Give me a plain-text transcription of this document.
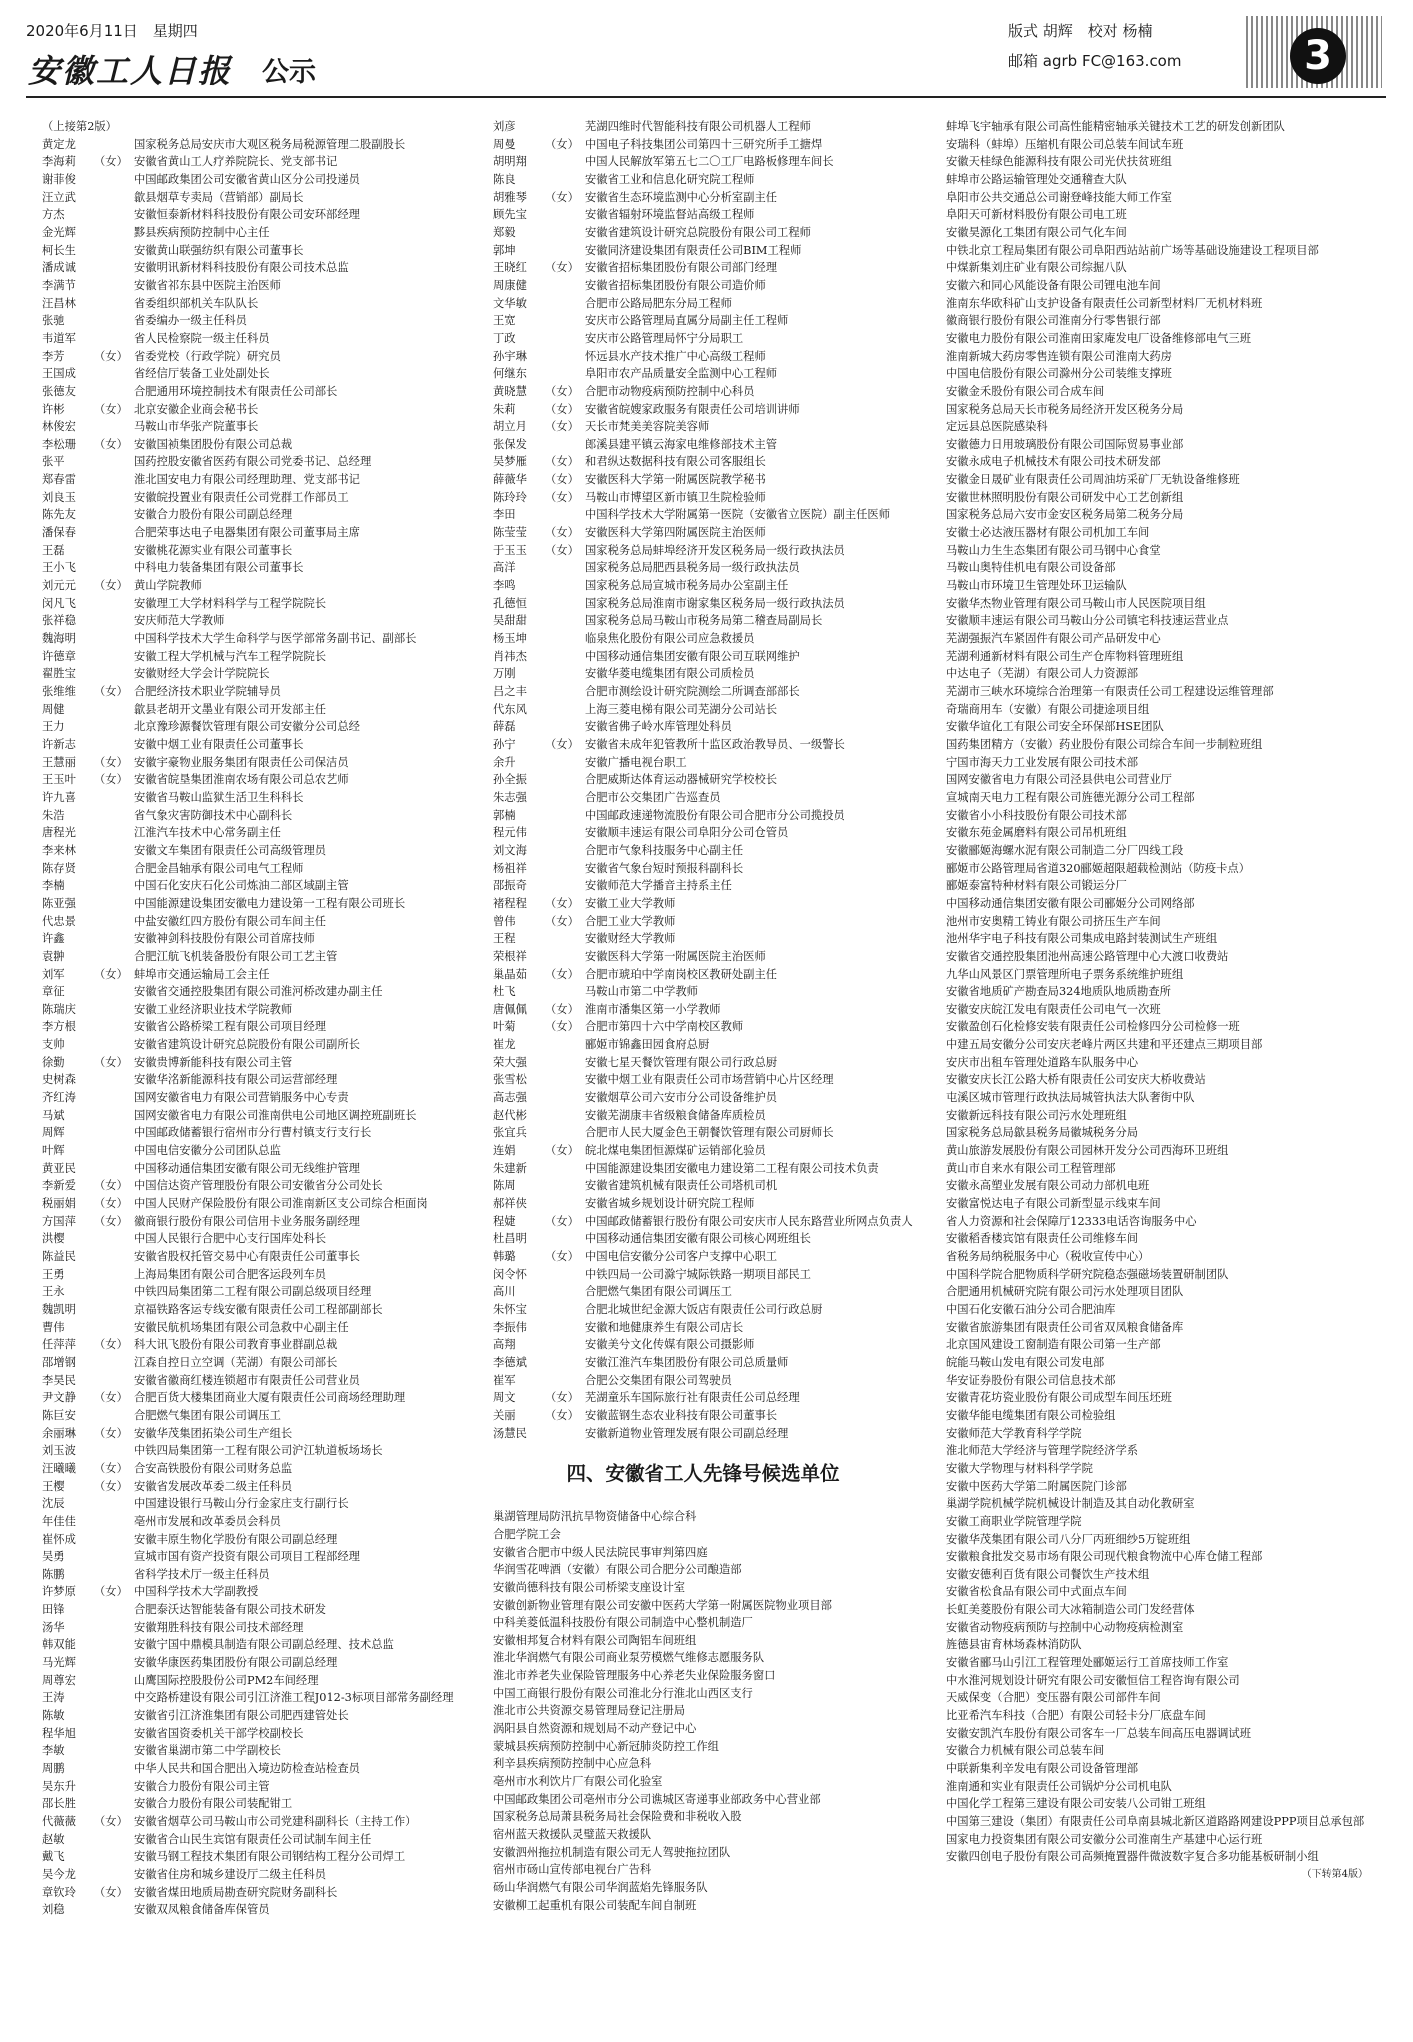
2020年6月11日　星期四
安徽工人日报 公示
版式 胡辉　校对 杨楠
邮箱 agrb FC@163.com	3
（上接第2版）
黄定龙	国家税务总局安庆市大观区税务局税源管理二股副股长
李海莉	（女） 安徽省黄山工人疗养院院长、党支部书记
谢菲俊	中国邮政集团公司安徽省黄山区分公司投递员
汪立武	歙县烟草专卖局（营销部）副局长
方杰	安徽恒泰新材料科技股份有限公司安环部经理
金光辉	黟县疾病预防控制中心主任
柯长生	安徽黄山联强纺织有限公司董事长
潘成诚	安徽明讯新材料科技股份有限公司技术总监
李满节	安徽省祁东县中医院主治医师
汪昌林	省委组织部机关车队队长
张驰	省委编办一级主任科员
韦道军	省人民检察院一级主任科员
李芳	（女） 省委党校（行政学院）研究员
王国成	省经信厅装备工业处副处长
张德友	合肥通用环境控制技术有限责任公司部长
许彬	（女） 北京安徽企业商会秘书长
林俊宏	马鞍山市华张产院董事长
李松珊	（女） 安徽国祯集团股份有限公司总裁
张平	国药控股安徽省医药有限公司党委书记、总经理
郑春雷	淮北国安电力有限公司经理助理、党支部书记
刘良玉	安徽皖投置业有限责任公司党群工作部员工
陈先友	安徽合力股份有限公司副总经理
潘保春	合肥荣事达电子电器集团有限公司董事局主席
王磊	安徽桃花源实业有限公司董事长
王小飞	中科电力装备集团有限公司董事长
刘元元	（女） 黄山学院教师
闵凡飞	安徽理工大学材料科学与工程学院院长
张祥稳	安庆师范大学教师
魏海明	中国科学技术大学生命科学与医学部常务副书记、副部长
许德章	安徽工程大学机械与汽车工程学院院长
翟胜宝	安徽财经大学会计学院院长
张维维	（女） 合肥经济技术职业学院辅导员
周健	歙县老胡开文墨业有限公司开发部主任
王力	北京豫珍源餐饮管理有限公司安徽分公司总经
许新志	安徽中烟工业有限责任公司董事长
王慧丽	（女） 安徽宇豪物业服务集团有限责任公司保洁员
王玉叶	（女） 安徽省皖垦集团淮南农场有限公司总农艺师
许九喜	安徽省马鞍山监狱生活卫生科科长
朱浩	省气象灾害防御技术中心副科长
唐程光	江淮汽车技术中心常务副主任
李来林	安徽文车集团有限责任公司高级管理员
陈存贤	合肥金昌轴承有限公司电气工程师
李楠	中国石化安庆石化公司炼油二部区域副主管
陈亚强	中国能源建设集团安徽电力建设第一工程有限公司班长
代忠景	中盐安徽红四方股份有限公司车间主任
许鑫	安徽神剑科技股份有限公司首席技师
袁翀	合肥江航飞机装备股份有限公司工艺主管
刘军	（女） 蚌埠市交通运输局工会主任
章征	安徽省交通控股集团有限公司淮河桥改建办副主任
陈瑞庆	安徽工业经济职业技术学院教师
李方根	安徽省公路桥梁工程有限公司项目经理
支帅	安徽省建筑设计研究总院股份有限公司副所长
徐勤	（女） 安徽贵博新能科技有限公司主管
史树森	安徽华洺新能源科技有限公司运营部经理
齐红涛	国网安徽省电力有限公司营销服务中心专责
马斌	国网安徽省电力有限公司淮南供电公司地区调控班副班长
周辉	中国邮政储蓄银行宿州市分行曹村镇支行支行长
叶辉	中国电信安徽分公司团队总监
黄亚民	中国移动通信集团安徽有限公司无线维护管理
李新爱	（女） 中国信达资产管理股份有限公司安徽省分公司处长
税丽娟	（女） 中国人民财产保险股份有限公司淮南新区支公司综合柜面岗
方国萍	（女） 徽商银行股份有限公司信用卡业务服务副经理
洪樱	中国人民银行合肥中心支行国库处科长
陈益民	安徽省股权托管交易中心有限责任公司董事长
王勇	上海局集团有限公司合肥客运段列车员
王永	中铁四局集团第二工程有限公司副总级项目经理
魏凯明	京福铁路客运专线安徽有限责任公司工程部副部长
曹伟	安徽民航机场集团有限公司急救中心副主任
任萍萍	（女） 科大讯飞股份有限公司教育事业群副总裁
邵增钢	江森自控日立空调（芜湖）有限公司部长
李昊民	安徽省徽商红楼连锁超市有限责任公司营业员
尹文静	（女） 合肥百货大楼集团商业大厦有限责任公司商场经理助理
陈巨安	合肥燃气集团有限公司调压工
余丽琳	（女） 安徽华茂集团拓染公司生产组长
刘玉波	中铁四局集团第一工程有限公司沪江轨道板场场长
汪曦曦	（女） 合安高铁股份有限公司财务总监
王樱	（女） 安徽省发展改革委二级主任科员
沈辰	中国建设银行马鞍山分行金家庄支行副行长
年佳佳	亳州市发展和改革委员会科员
崔怀成	安徽丰原生物化学股份有限公司副总经理
吴勇	宣城市国有资产投资有限公司项目工程部经理
陈鹏	省科学技术厅一级主任科员
许梦原	（女） 中国科学技术大学副教授
田锋	合肥泰沃达智能装备有限公司技术研发
汤华	安徽翔胜科技有限公司技术部经理
韩双能	安徽宁国中鼎模具制造有限公司副总经理、技术总监
马光辉	安徽华康医药集团股份有限公司副总经理
周尊宏	山鹰国际控股股份公司PM2车间经理
王涛	中交路桥建设有限公司引江济淮工程J012-3标项目部常务副经理
陈敏	安徽省引江济淮集团有限公司肥西建管处长
程华旭	安徽省国资委机关干部学校副校长
李敏	安徽省巢湖市第二中学副校长
周鹏	中华人民共和国合肥出入境边防检查站检查员
吴东升	安徽合力股份有限公司主管
邵长胜	安徽合力股份有限公司装配钳工
代薇薇	（女） 安徽省烟草公司马鞍山市公司党建科副科长（主持工作）
赵敏	安徽省合山民生宾馆有限责任公司试制车间主任
戴飞	安徽马钢工程技术集团有限公司钢结构工程分公司焊工
吴今龙	安徽省住房和城乡建设厅二级主任科员
章钦玲	（女） 安徽省煤田地质局勘查研究院财务副科长
刘稳	安徽双凤粮食储备库保管员
刘彦	芜湖四维时代智能科技有限公司机器人工程师
周曼	（女） 中国电子科技集团公司第四十三研究所手工搪焊
胡明翔	中国人民解放军第五七二〇工厂电路板修理车间长
陈良	安徽省工业和信息化研究院工程师
胡雅琴	（女） 安徽省生态环境监测中心分析室副主任
顾先宝	安徽省辐射环境监督站高级工程师
郑毅	安徽省建筑设计研究总院股份有限公司工程师
郭坤	安徽同济建设集团有限责任公司BIM工程师
王晓红	（女） 安徽省招标集团股份有限公司部门经理
周康健	安徽省招标集团股份有限公司造价师
文华敏	合肥市公路局肥东分局工程师
王宽	安庆市公路管理局直属分局副主任工程师
丁政	安庆市公路管理局怀宁分局职工
孙宇琳	怀远县水产技术推广中心高级工程师
何继东	阜阳市农产品质量安全监测中心工程师
黄晓慧	（女） 合肥市动物疫病预防控制中心科员
朱莉	（女） 安徽省皖嫂家政服务有限责任公司培训讲师
胡立月	（女） 天长市梵美美容院美容师
张保发	郎溪县建平镇云海家电维修部技术主管
吴梦雁	（女） 和君纵达数据科技有限公司客服组长
薛薇华	（女） 安徽医科大学第一附属医院教学秘书
陈玲玲	（女） 马鞍山市博望区新市镇卫生院检验师
李田	中国科学技术大学附属第一医院（安徽省立医院）副主任医师
陈莹莹	（女） 安徽医科大学第四附属医院主治医师
于玉玉	（女） 国家税务总局蚌埠经济开发区税务局一级行政执法员
高洋	国家税务总局肥西县税务局一级行政执法员
李鸣	国家税务总局宣城市税务局办公室副主任
孔德恒	国家税务总局淮南市谢家集区税务局一级行政执法员
吴甜甜	国家税务总局马鞍山市税务局第二稽查局副局长
杨玉坤	临泉焦化股份有限公司应急救援员
肖祎杰	中国移动通信集团安徽有限公司互联网维护
万刚	安徽华菱电缆集团有限公司质检员
吕之丰	合肥市测绘设计研究院测绘二所调查部部长
代东风	上海三菱电梯有限公司芜湖分公司站长
薛磊	安徽省佛子岭水库管理处科员
孙宁	（女） 安徽省未成年犯管教所十监区政治教导员、一级警长
余升	安徽广播电视台职工
孙全振	合肥威斯达体育运动器械研究学校校长
朱志强	合肥市公交集团广告巡查员
郭楠	中国邮政速递物流股份有限公司合肥市分公司揽投员
程元伟	安徽顺丰速运有限公司阜阳分公司仓管员
刘文海	合肥市气象科技服务中心副主任
杨祖祥	安徽省气象台短时预报科副科长
邵振奇	安徽师范大学播音主持系主任
褚程程	（女） 安徽工业大学教师
曾伟	（女） 合肥工业大学教师
王程	安徽财经大学教师
荣根祥	安徽医科大学第一附属医院主治医师
巢晶茹	（女） 合肥市琥珀中学南岗校区教研处副主任
杜飞	马鞍山市第二中学教师
唐佩佩	（女） 淮南市潘集区第一小学教师
叶菊	（女） 合肥市第四十六中学南校区教师
崔龙	郦姬市锦鑫田园食府总厨
荣大强	安徽七星天餐饮管理有限公司行政总厨
张雪松	安徽中烟工业有限责任公司市场营销中心片区经理
高志强	安徽烟草公司六安市分公司设备维护员
赵代彬	安徽芜湖康丰省级粮食储备库质检员
张宜兵	合肥市人民大厦金色王朝餐饮管理有限公司厨师长
连娟	（女） 皖北煤电集团恒源煤矿运销部化验员
朱建新	中国能源建设集团安徽电力建设第二工程有限公司技术负责
陈周	安徽省建筑机械有限责任公司塔机司机
郝祥侠	安徽省城乡规划设计研究院工程师
程婕	（女） 中国邮政储蓄银行股份有限公司安庆市人民东路营业所网点负责人
杜昌明	中国移动通信集团安徽有限公司核心网班组长
韩璐	（女） 中国电信安徽分公司客户支撑中心职工
闵令怀	中铁四局一公司滁宁城际铁路一期项目部民工
高川	合肥燃气集团有限公司调压工
朱怀宝	合肥北城世纪金源大饭店有限责任公司行政总厨
李振伟	安徽和地健康养生有限公司店长
高翔	安徽美兮文化传媒有限公司摄影师
李德斌	安徽江淮汽车集团股份有限公司总质量师
崔军	合肥公交集团有限公司驾驶员
周文	（女） 芜湖童乐车国际旅行社有限责任公司总经理
关丽	（女） 安徽蓝钢生态农业科技有限公司董事长
汤慧民	安徽新道物业管理发展有限公司副总经理
四、安徽省工人先锋号候选单位
巢湖管理局防汛抗旱物资储备中心综合科
合肥学院工会
安徽省合肥市中级人民法院民事审判第四庭
华润雪花啤酒（安徽）有限公司合肥分公司酿造部
安徽尚德科技有限公司桥梁支座设计室
安徽创新物业管理有限公司安徽中医药大学第一附属医院物业项目部
中科美菱低温科技股份有限公司制造中心整机制造厂
安徽相邦复合材料有限公司陶铝车间班组
淮北华润燃气有限公司商业泵劳模燃气维修志愿服务队
淮北市养老失业保险管理服务中心养老失业保险服务窗口
中国工商银行股份有限公司淮北分行淮北山西区支行
淮北市公共资源交易管理局登记注册局
涡阳县自然资源和规划局不动产登记中心
蒙城县疾病预防控制中心新冠肺炎防控工作组
利辛县疾病预防控制中心应急科
亳州市水利饮片厂有限公司化验室
中国邮政集团公司亳州市分公司谯城区寄递事业部政务中心营业部
国家税务总局萧县税务局社会保险费和非税收入股
宿州蓝天救援队灵璧蓝天救援队
安徽泗州拖拉机制造有限公司无人驾驶拖拉团队
宿州市砀山宣传部电视台广告科
砀山华润燃气有限公司华润蓝焰先锋服务队
安徽柳工起重机有限公司装配车间自制班
蚌埠飞宇轴承有限公司高性能精密轴承关键技术工艺的研发创新团队
安瑞科（蚌埠）压缩机有限公司总装车间试车班
安徽天桂绿色能源科技有限公司光伏扶贫班组
蚌埠市公路运输管理处交通稽查大队
阜阳市公共交通总公司谢登峰技能大师工作室
阜阳天可新材料股份有限公司电工班
安徽昊源化工集团有限公司气化车间
中铁北京工程局集团有限公司阜阳西站站前广场等基础设施建设工程项目部
中煤新集刘庄矿业有限公司综掘八队
安徽六和同心风能设备有限公司锂电池车间
淮南东华欧科矿山支护设备有限责任公司新型材料厂无机材料班
徽商银行股份有限公司淮南分行零售银行部
安徽电力股份有限公司淮南田家庵发电厂设备维修部电气三班
淮南新城大药房零售连锁有限公司淮南大药房
中国电信股份有限公司滁州分公司装维支撑班
安徽金禾股份有限公司合成车间
国家税务总局天长市税务局经济开发区税务分局
定远县总医院感染科
安徽德力日用玻璃股份有限公司国际贸易事业部
安徽永成电子机械技术有限公司技术研发部
安徽金日晟矿业有限责任公司周油坊采矿厂无轨设备维修班
安徽世林照明股份有限公司研发中心工艺创新组
国家税务总局六安市金安区税务局第二税务分局
安徽士必达液压器材有限公司机加工车间
马鞍山力生生态集团有限公司马钢中心食堂
马鞍山奥特佳机电有限公司设备部
马鞍山市环境卫生管理处环卫运输队
安徽华杰物业管理有限公司马鞍山市人民医院项目组
安徽顺丰速运有限公司马鞍山分公司镇宅科技速运营业点
芜湖强振汽车紧固件有限公司产品研发中心
芜湖利通新材料有限公司生产仓库物料管理班组
中达电子（芜湖）有限公司人力资源部
芜湖市三峡水环境综合治理第一有限责任公司工程建设运维管理部
奇瑞商用车（安徽）有限公司捷途项目组
安徽华谊化工有限公司安全环保部HSE团队
国药集团精方（安徽）药业股份有限公司综合车间一步制粒班组
宁国市海天力工业发展有限公司技术部
国网安徽省电力有限公司泾县供电公司营业厅
宣城南天电力工程有限公司旌德光源分公司工程部
安徽省小小科技股份有限公司技术部
安徽东苑金属磨料有限公司吊机班组
安徽郦姬海螺水泥有限公司制造二分厂四线工段
郦姬市公路管理局省道320郦姬超限超载检测站（防疫卡点）
郦姬泰富特种材料有限公司锻运分厂
中国移动通信集团安徽有限公司郦姬分公司网络部
池州市安奥精工铸业有限公司挤压生产车间
池州华宇电子科技有限公司集成电路封装测试生产班组
安徽省交通控股集团池州高速公路管理中心大渡口收费站
九华山风景区门票管理所电子票务系统维护班组
安徽省地质矿产勘查局324地质队地质勘查所
安徽安庆皖江发电有限责任公司电气一次班
安徽盈创石化检修安装有限责任公司检修四分公司检修一班
中建五局安徽分公司安庆老峰片两区共建和平还建点三期项目部
安庆市出租车管理处道路车队服务中心
安徽安庆长江公路大桥有限责任公司安庆大桥收费站
屯溪区城市管理行政执法局城管执法大队奢街中队
安徽新远科技有限公司污水处理班组
国家税务总局歙县税务局徽城税务分局
黄山旅游发展股份有限公司园林开发分公司西海环卫班组
黄山市自来水有限公司工程管理部
安徽永高塑业发展有限公司动力部机电班
安徽富悦达电子有限公司新型显示线束车间
省人力资源和社会保障厅12333电话咨询服务中心
安徽稻香楼宾馆有限责任公司维修车间
省税务局纳税服务中心（税收宣传中心）
中国科学院合肥物质科学研究院稳态强磁场装置研制团队
合肥通用机械研究院有限公司污水处理项目团队
中国石化安徽石油分公司合肥油库
安徽省旅游集团有限责任公司省双凤粮食储备库
北京国风建设工窗制造有限公司第一生产部
皖能马鞍山发电有限公司发电部
华安证券股份有限公司信息技术部
安徽青花坊瓷业股份有限公司成型车间压坯班
安徽华能电缆集团有限公司检验组
安徽师范大学教育科学学院
淮北师范大学经济与管理学院经济学系
安徽大学物理与材料科学学院
安徽中医药大学第二附属医院门诊部
巢湖学院机械学院机械设计制造及其自动化教研室
安徽工商职业学院管理学院
安徽华茂集团有限公司八分厂丙班细纱5万锭班组
安徽粮食批发交易市场有限公司现代粮食物流中心库仓储工程部
安徽安德利百货有限公司餐饮生产技术组
安徽省松食品有限公司中式面点车间
长虹美菱股份有限公司大冰箱制造公司门发经营体
安徽省动物疫病预防与控制中心动物疫病检测室
旌德县宙育林场森林消防队
安徽省郦马山引江工程管理处郦姬运行工首席技师工作室
中水淮河规划设计研究有限公司安徽恒信工程咨询有限公司
天威保变（合肥）变压器有限公司部件车间
比亚希汽车科技（合肥）有限公司轻卡分厂底盘车间
安徽安凯汽车股份有限公司客车一厂总装车间高压电器调试班
安徽合力机械有限公司总装车间
中联新集利辛发电有限公司设备管理部
淮南通和实业有限责任公司锅炉分公司机电队
中国化学工程第三建设有限公司安装八公司钳工班组
中国第三建设（集团）有限责任公司阜南县城北新区道路路网建设PPP项目总承包部
国家电力投资集团有限公司安徽分公司淮南生产基建中心运行班
安徽四创电子股份有限公司高频掩置器件微波数字复合多功能基板研制小组
（下转第4版）
